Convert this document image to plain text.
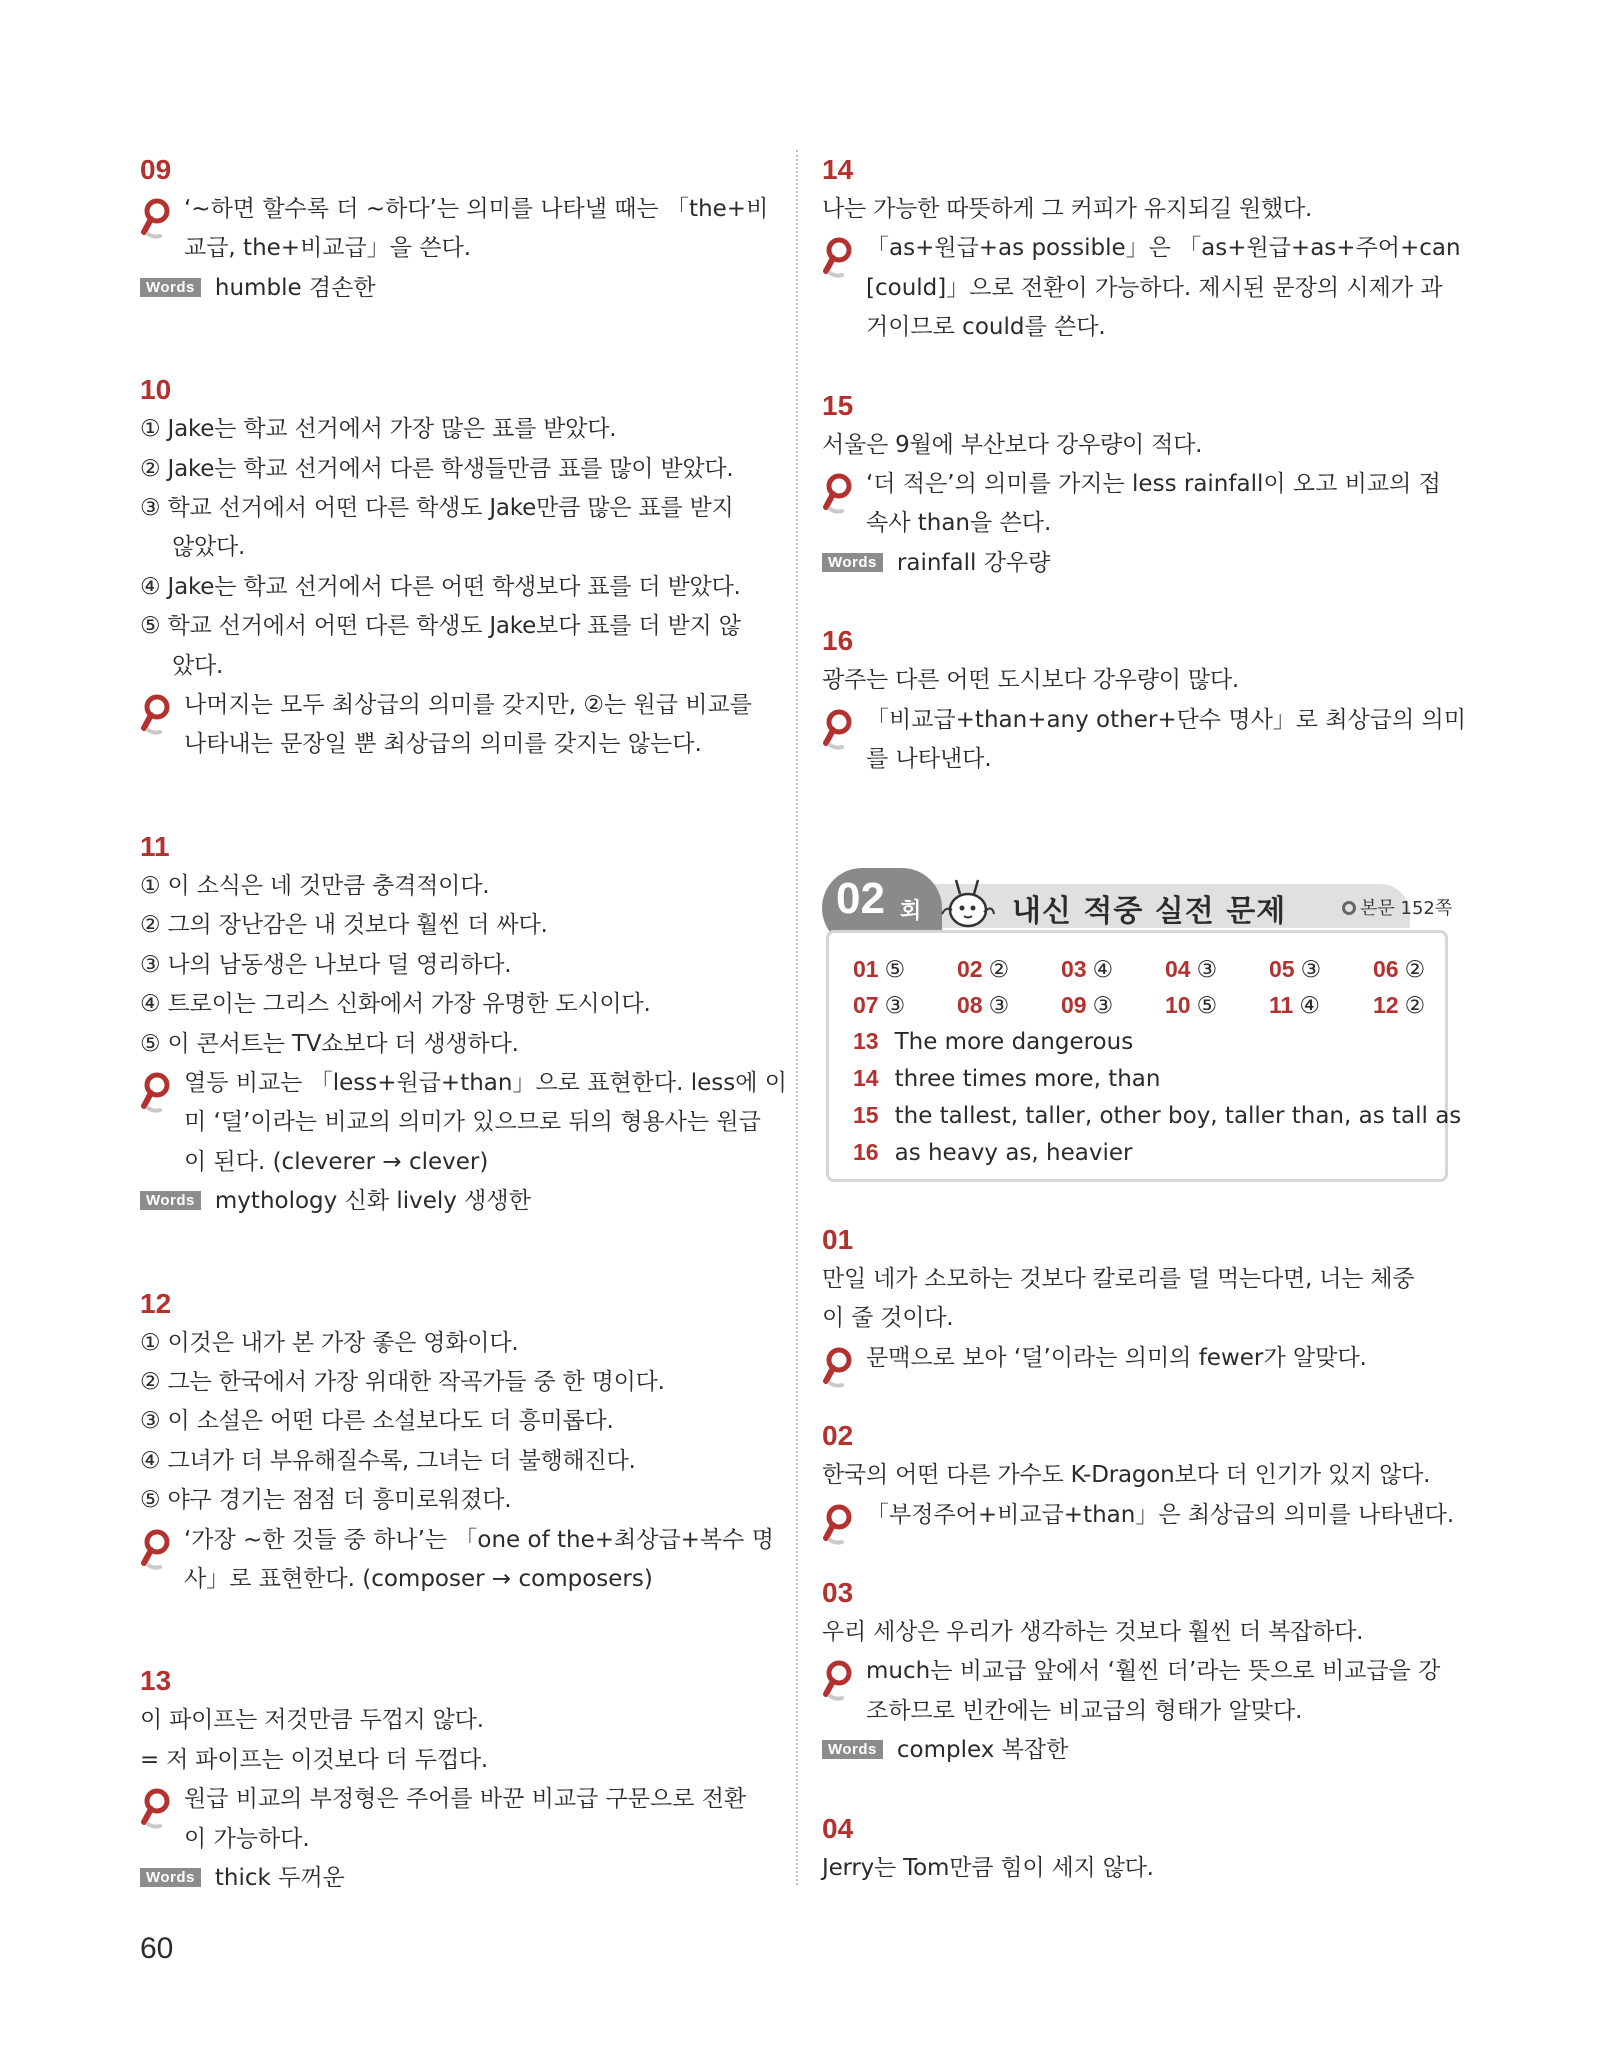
09
‘~하면 할수록 더 ~하다’는 의미를 나타낼 때는 「the+비
교급, the+비교급」을 쓴다.
Words humble 겸손한
10
① Jake는 학교 선거에서 가장 많은 표를 받았다.
② Jake는 학교 선거에서 다른 학생들만큼 표를 많이 받았다.
③ 학교 선거에서 어떤 다른 학생도 Jake만큼 많은 표를 받지
않았다.
④ Jake는 학교 선거에서 다른 어떤 학생보다 표를 더 받았다.
⑤ 학교 선거에서 어떤 다른 학생도 Jake보다 표를 더 받지 않
았다.
나머지는 모두 최상급의 의미를 갖지만, ②는 원급 비교를
나타내는 문장일 뿐 최상급의 의미를 갖지는 않는다.
11
① 이 소식은 네 것만큼 충격적이다.
② 그의 장난감은 내 것보다 훨씬 더 싸다.
③ 나의 남동생은 나보다 덜 영리하다.
④ 트로이는 그리스 신화에서 가장 유명한 도시이다.
⑤ 이 콘서트는 TV쇼보다 더 생생하다.
열등 비교는 「less+원급+than」으로 표현한다. less에 이
미 ‘덜’이라는 비교의 의미가 있으므로 뒤의 형용사는 원급
이 된다. (cleverer → clever)
Words mythology 신화 lively 생생한
12
① 이것은 내가 본 가장 좋은 영화이다.
② 그는 한국에서 가장 위대한 작곡가들 중 한 명이다.
③ 이 소설은 어떤 다른 소설보다도 더 흥미롭다.
④ 그녀가 더 부유해질수록, 그녀는 더 불행해진다.
⑤ 야구 경기는 점점 더 흥미로워졌다.
‘가장 ~한 것들 중 하나’는 「one of the+최상급+복수 명
사」로 표현한다. (composer → composers)
13
이 파이프는 저것만큼 두껍지 않다.
= 저 파이프는 이것보다 더 두껍다.
원급 비교의 부정형은 주어를 바꾼 비교급 구문으로 전환
이 가능하다.
Words thick 두꺼운
14
나는 가능한 따뜻하게 그 커피가 유지되길 원했다.
「as+원급+as possible」은 「as+원급+as+주어+can
[could]」으로 전환이 가능하다. 제시된 문장의 시제가 과
거이므로 could를 쓴다.
15
서울은 9월에 부산보다 강우량이 적다.
‘더 적은’의 의미를 가지는 less rainfall이 오고 비교의 접
속사 than을 쓴다.
Words rainfall 강우량
16
광주는 다른 어떤 도시보다 강우량이 많다.
「비교급+than+any other+단수 명사」로 최상급의 의미
를 나타낸다.
02 회	내신 적중 실전 문제	본문 152쪽
01 ⑤ 02 ② 03 ④ 04 ③ 05 ③ 06 ②
07 ③ 08 ③ 09 ③ 10 ⑤ 11 ④ 12 ②
13 The more dangerous
14 three times more, than
15 the tallest, taller, other boy, taller than, as tall as
16 as heavy as, heavier
01
만일 네가 소모하는 것보다 칼로리를 덜 먹는다면, 너는 체중
이 줄 것이다.
문맥으로 보아 ‘덜’이라는 의미의 fewer가 알맞다.
02
한국의 어떤 다른 가수도 K-Dragon보다 더 인기가 있지 않다.
「부정주어+비교급+than」은 최상급의 의미를 나타낸다.
03
우리 세상은 우리가 생각하는 것보다 훨씬 더 복잡하다.
much는 비교급 앞에서 ‘훨씬 더’라는 뜻으로 비교급을 강
조하므로 빈칸에는 비교급의 형태가 알맞다.
Words complex 복잡한
04
Jerry는 Tom만큼 힘이 세지 않다.
60
